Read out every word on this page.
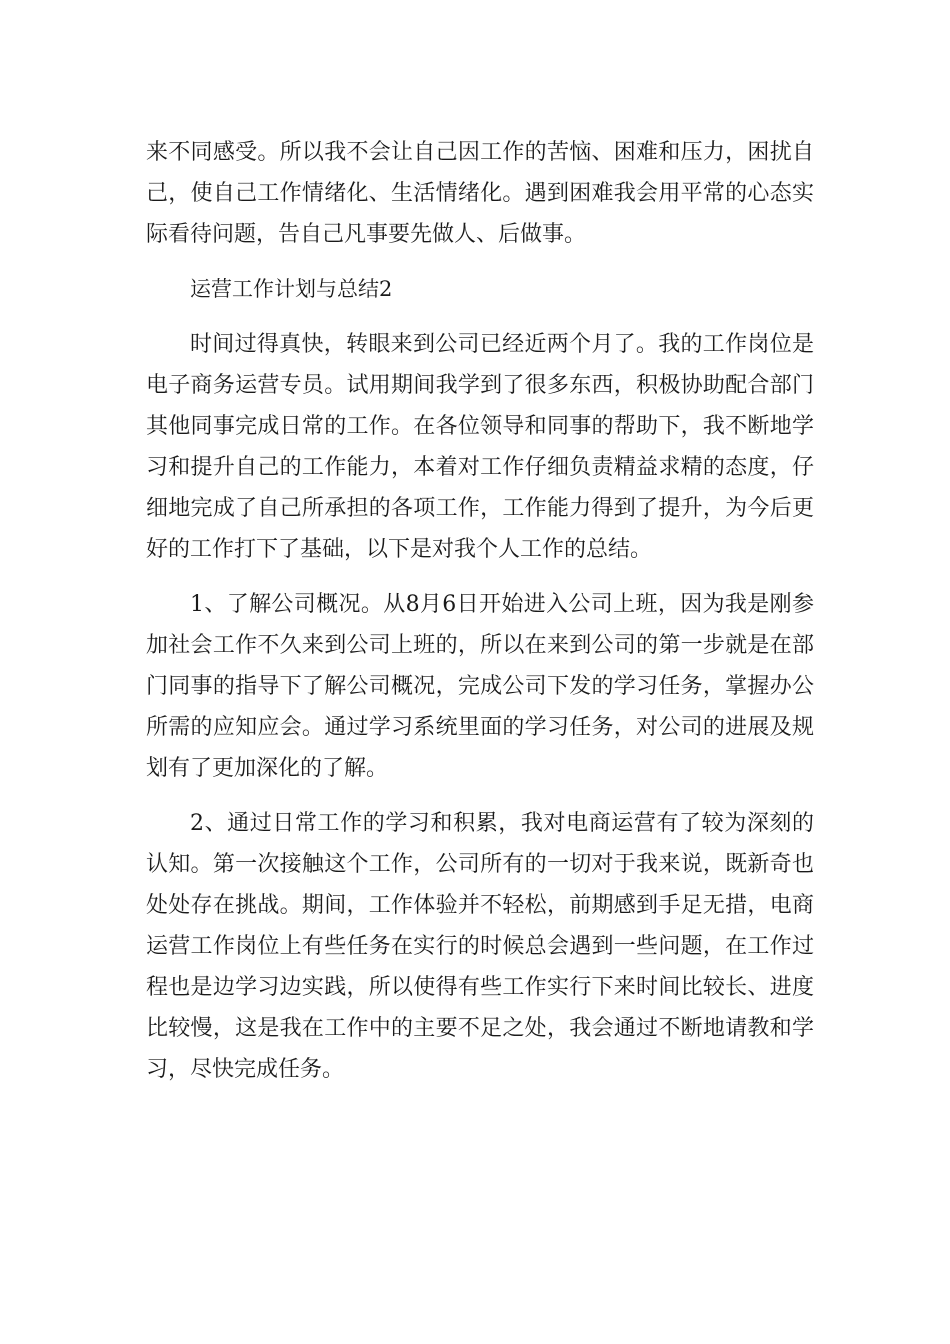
来不同感受。所以我不会让自己因工作的苦恼、困难和压力，困扰自己，使自己工作情绪化、生活情绪化。遇到困难我会用平常的心态实际看待问题，告自己凡事要先做人、后做事。

运营工作计划与总结2

时间过得真快，转眼来到公司已经近两个月了。我的工作岗位是电子商务运营专员。试用期间我学到了很多东西，积极协助配合部门其他同事完成日常的工作。在各位领导和同事的帮助下，我不断地学习和提升自己的工作能力，本着对工作仔细负责精益求精的态度，仔细地完成了自己所承担的各项工作，工作能力得到了提升，为今后更好的工作打下了基础，以下是对我个人工作的总结。

1、了解公司概况。从8月6日开始进入公司上班，因为我是刚参加社会工作不久来到公司上班的，所以在来到公司的第一步就是在部门同事的指导下了解公司概况，完成公司下发的学习任务，掌握办公所需的应知应会。通过学习系统里面的学习任务，对公司的进展及规划有了更加深化的了解。

2、通过日常工作的学习和积累，我对电商运营有了较为深刻的认知。第一次接触这个工作，公司所有的一切对于我来说，既新奇也处处存在挑战。期间，工作体验并不轻松，前期感到手足无措，电商运营工作岗位上有些任务在实行的时候总会遇到一些问题，在工作过程也是边学习边实践，所以使得有些工作实行下来时间比较长、进度比较慢，这是我在工作中的主要不足之处，我会通过不断地请教和学习，尽快完成任务。
